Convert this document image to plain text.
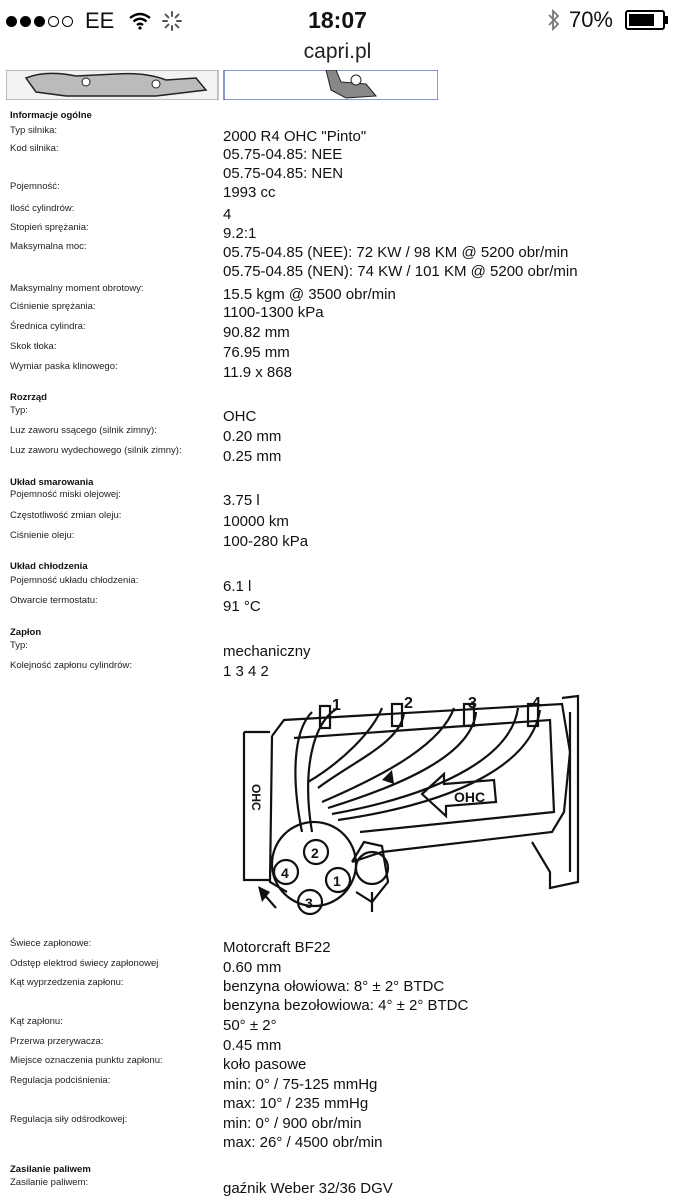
EE	18:07	70%
capri.pl
Informacje ogólne
Rozrząd
Układ smarowania
Układ chłodzenia
Zapłon
Zasilanie paliwem
Typ silnika:	2000 R4 OHC "Pinto"
Kod silnika:	05.75-04.85: NEE
05.75-04.85: NEN
Pojemność:	1993 cc
Ilość cylindrów:	4
Stopień sprężania:	9.2:1
Maksymalna moc:	05.75-04.85 (NEE): 72 KW / 98 KM @ 5200 obr/min
05.75-04.85 (NEN): 74 KW / 101 KM @ 5200 obr/min
Maksymalny moment obrotowy:	15.5 kgm @ 3500 obr/min
Ciśnienie sprężania:	1100-1300 kPa
Średnica cylindra:	90.82 mm
Skok tłoka:	76.95 mm
Wymiar paska klinowego:	11.9 x 868
Typ:	OHC
Luz zaworu ssącego (silnik zimny):	0.20 mm
Luz zaworu wydechowego (silnik zimny):	0.25 mm
Pojemność miski olejowej:	3.75 l
Częstotliwość zmian oleju:	10000 km
Ciśnienie oleju:	100-280 kPa
Pojemność układu chłodzenia:	6.1 l
Otwarcie termostatu:	91 °C
Typ:	mechaniczny
Kolejność zapłonu cylindrów:	1 3 4 2
Świece zapłonowe:	Motorcraft BF22
Odstęp elektrod świecy zapłonowej	0.60 mm
Kąt wyprzedzenia zapłonu:	benzyna ołowiowa: 8° ± 2° BTDC
benzyna bezołowiowa: 4° ± 2° BTDC
Kąt zapłonu:	50° ± 2°
Przerwa przerywacza:	0.45 mm
Miejsce oznaczenia punktu zapłonu:	koło pasowe
Regulacja podciśnienia:	min: 0° / 75-125 mmHg
max: 10° / 235 mmHg
Regulacja siły odśrodkowej:	min: 0° / 900 obr/min
max: 26° / 4500 obr/min
Zasilanie paliwem:	gaźnik Weber 32/36 DGV
1	2	3	4
OHC
OHC
1
2
3
4
